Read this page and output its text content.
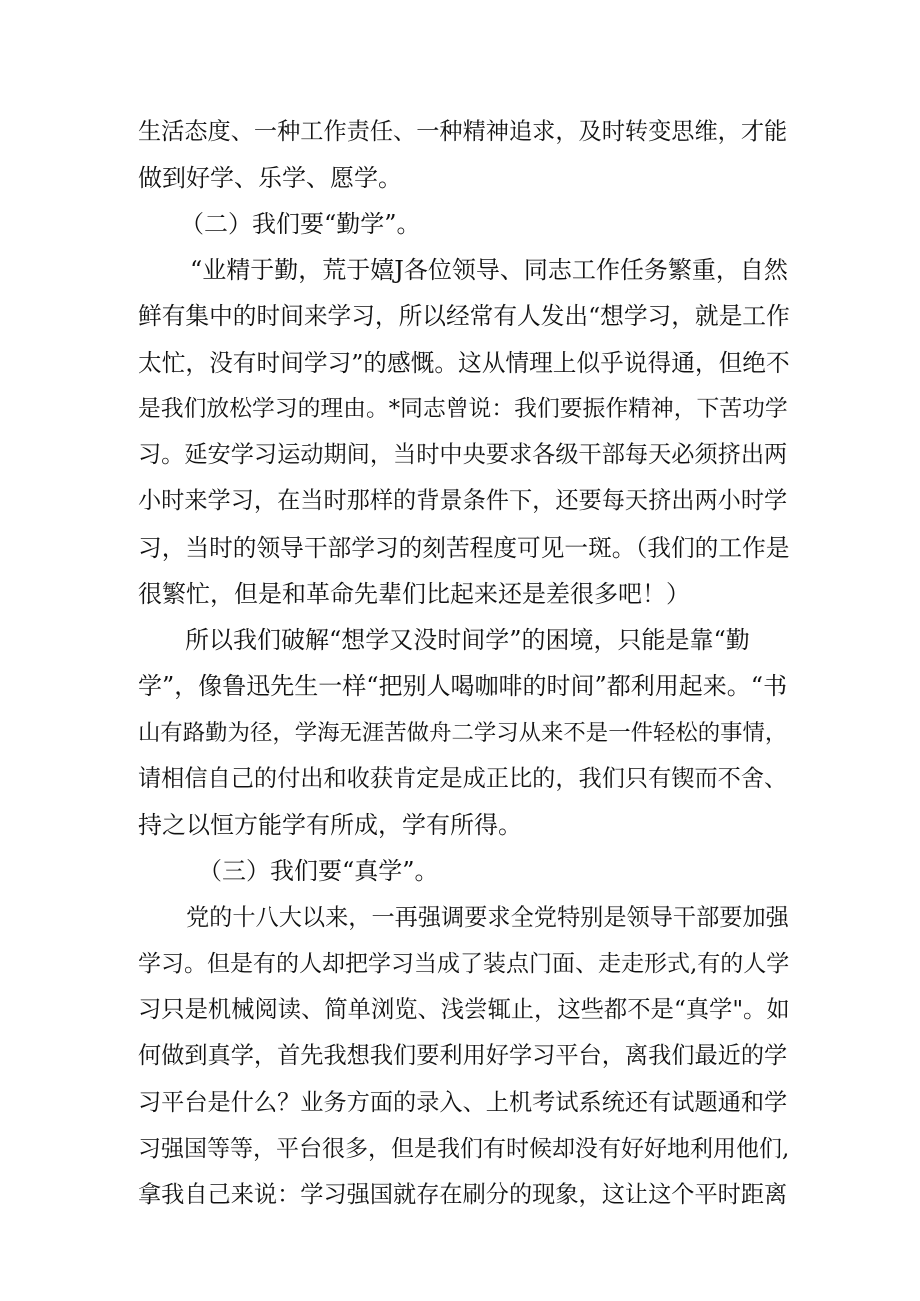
生活态度、一种工作责任、一种精神追求，及时转变思维，才能
做到好学、乐学、愿学。
（二）我们要“勤学”。
“业精于勤，荒于嬉J各位领导、同志工作任务繁重，自然
鲜有集中的时间来学习，所以经常有人发出“想学习，就是工作
太忙，没有时间学习”的感慨。这从情理上似乎说得通，但绝不
是我们放松学习的理由。*同志曾说：我们要振作精神，下苦功学
习。延安学习运动期间，当时中央要求各级干部每天必须挤出两
小时来学习，在当时那样的背景条件下，还要每天挤出两小时学
习，当时的领导干部学习的刻苦程度可见一斑。（我们的工作是
很繁忙，但是和革命先辈们比起来还是差很多吧！）
所以我们破解“想学又没时间学”的困境，只能是靠“勤
学”，像鲁迅先生一样“把别人喝咖啡的时间”都利用起来。“书
山有路勤为径，学海无涯苦做舟二学习从来不是一件轻松的事情，
请相信自己的付出和收获肯定是成正比的，我们只有锲而不舍、
持之以恒方能学有所成，学有所得。
（三）我们要“真学”。
党的十八大以来，一再强调要求全党特别是领导干部要加强
学习。但是有的人却把学习当成了装点门面、走走形式,有的人学
习只是机械阅读、简单浏览、浅尝辄止，这些都不是“真学"。如
何做到真学，首先我想我们要利用好学习平台，离我们最近的学
习平台是什么？业务方面的录入、上机考试系统还有试题通和学
习强国等等，平台很多，但是我们有时候却没有好好地利用他们,
拿我自己来说：学习强国就存在刷分的现象，这让这个平时距离
